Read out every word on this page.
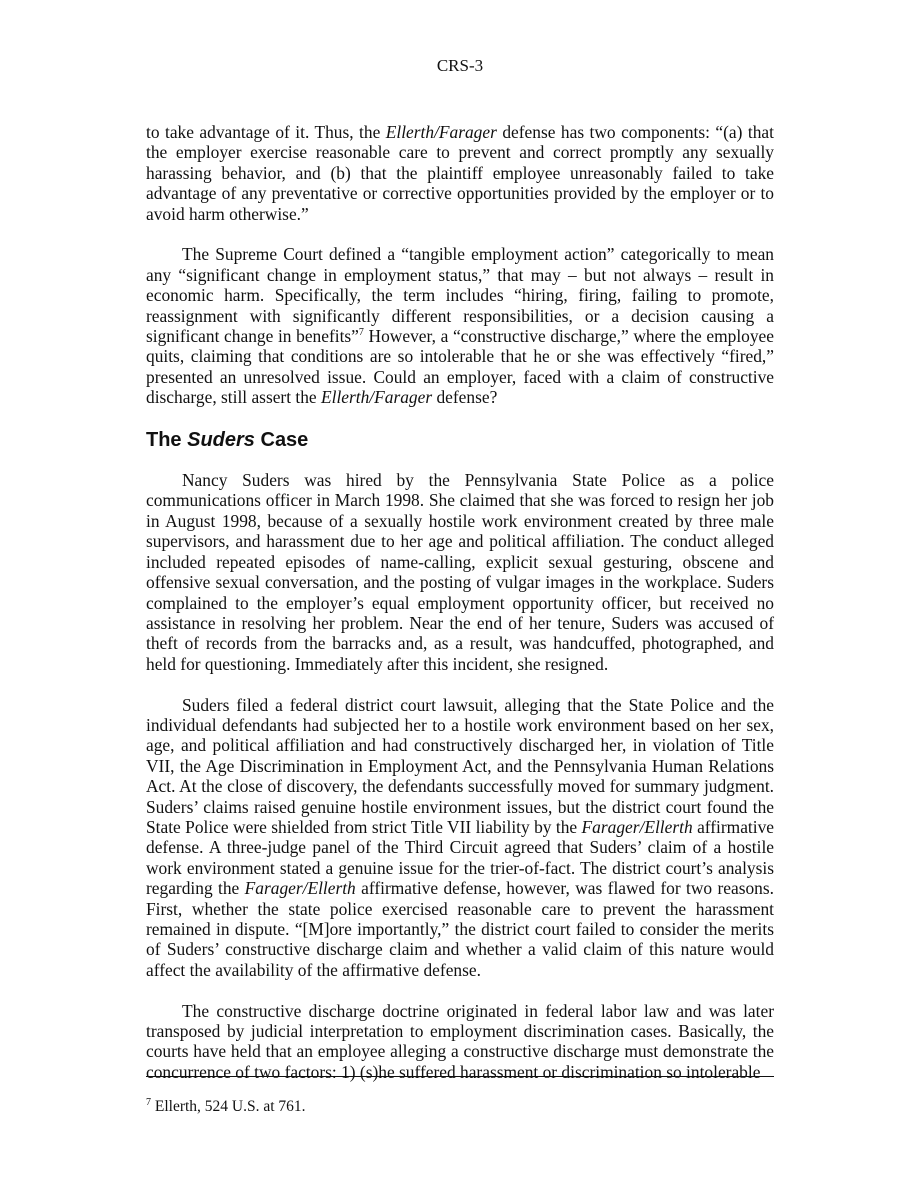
CRS-3

to take advantage of it. Thus, the Ellerth/Farager defense has two components: “(a) that the employer exercise reasonable care to prevent and correct promptly any sexually harassing behavior, and (b) that the plaintiff employee unreasonably failed to take advantage of any preventative or corrective opportunities provided by the employer or to avoid harm otherwise.”

The Supreme Court defined a “tangible employment action” categorically to mean any “significant change in employment status,” that may – but not always – result in economic harm. Specifically, the term includes “hiring, firing, failing to promote, reassignment with significantly different responsibilities, or a decision causing a significant change in benefits”$^7$ However, a “constructive discharge,” where the employee quits, claiming that conditions are so intolerable that he or she was effectively “fired,” presented an unresolved issue. Could an employer, faced with a claim of constructive discharge, still assert the Ellerth/Farager defense?

The Suders Case

Nancy Suders was hired by the Pennsylvania State Police as a police communications officer in March 1998. She claimed that she was forced to resign her job in August 1998, because of a sexually hostile work environment created by three male supervisors, and harassment due to her age and political affiliation. The conduct alleged included repeated episodes of name-calling, explicit sexual gesturing, obscene and offensive sexual conversation, and the posting of vulgar images in the workplace. Suders complained to the employer’s equal employment opportunity officer, but received no assistance in resolving her problem. Near the end of her tenure, Suders was accused of theft of records from the barracks and, as a result, was handcuffed, photographed, and held for questioning. Immediately after this incident, she resigned.

Suders filed a federal district court lawsuit, alleging that the State Police and the individual defendants had subjected her to a hostile work environment based on her sex, age, and political affiliation and had constructively discharged her, in violation of Title VII, the Age Discrimination in Employment Act, and the Pennsylvania Human Relations Act. At the close of discovery, the defendants successfully moved for summary judgment. Suders’ claims raised genuine hostile environment issues, but the district court found the State Police were shielded from strict Title VII liability by the Farager/Ellerth affirmative defense. A three-judge panel of the Third Circuit agreed that Suders’ claim of a hostile work environment stated a genuine issue for the trier-of-fact. The district court’s analysis regarding the Farager/Ellerth affirmative defense, however, was flawed for two reasons. First, whether the state police exercised reasonable care to prevent the harassment remained in dispute. “[M]ore importantly,” the district court failed to consider the merits of Suders’ constructive discharge claim and whether a valid claim of this nature would affect the availability of the affirmative defense.

The constructive discharge doctrine originated in federal labor law and was later transposed by judicial interpretation to employment discrimination cases. Basically, the courts have held that an employee alleging a constructive discharge must demonstrate the concurrence of two factors: 1) (s)he suffered harassment or discrimination so intolerable

$^7$ Ellerth, 524 U.S. at 761.
